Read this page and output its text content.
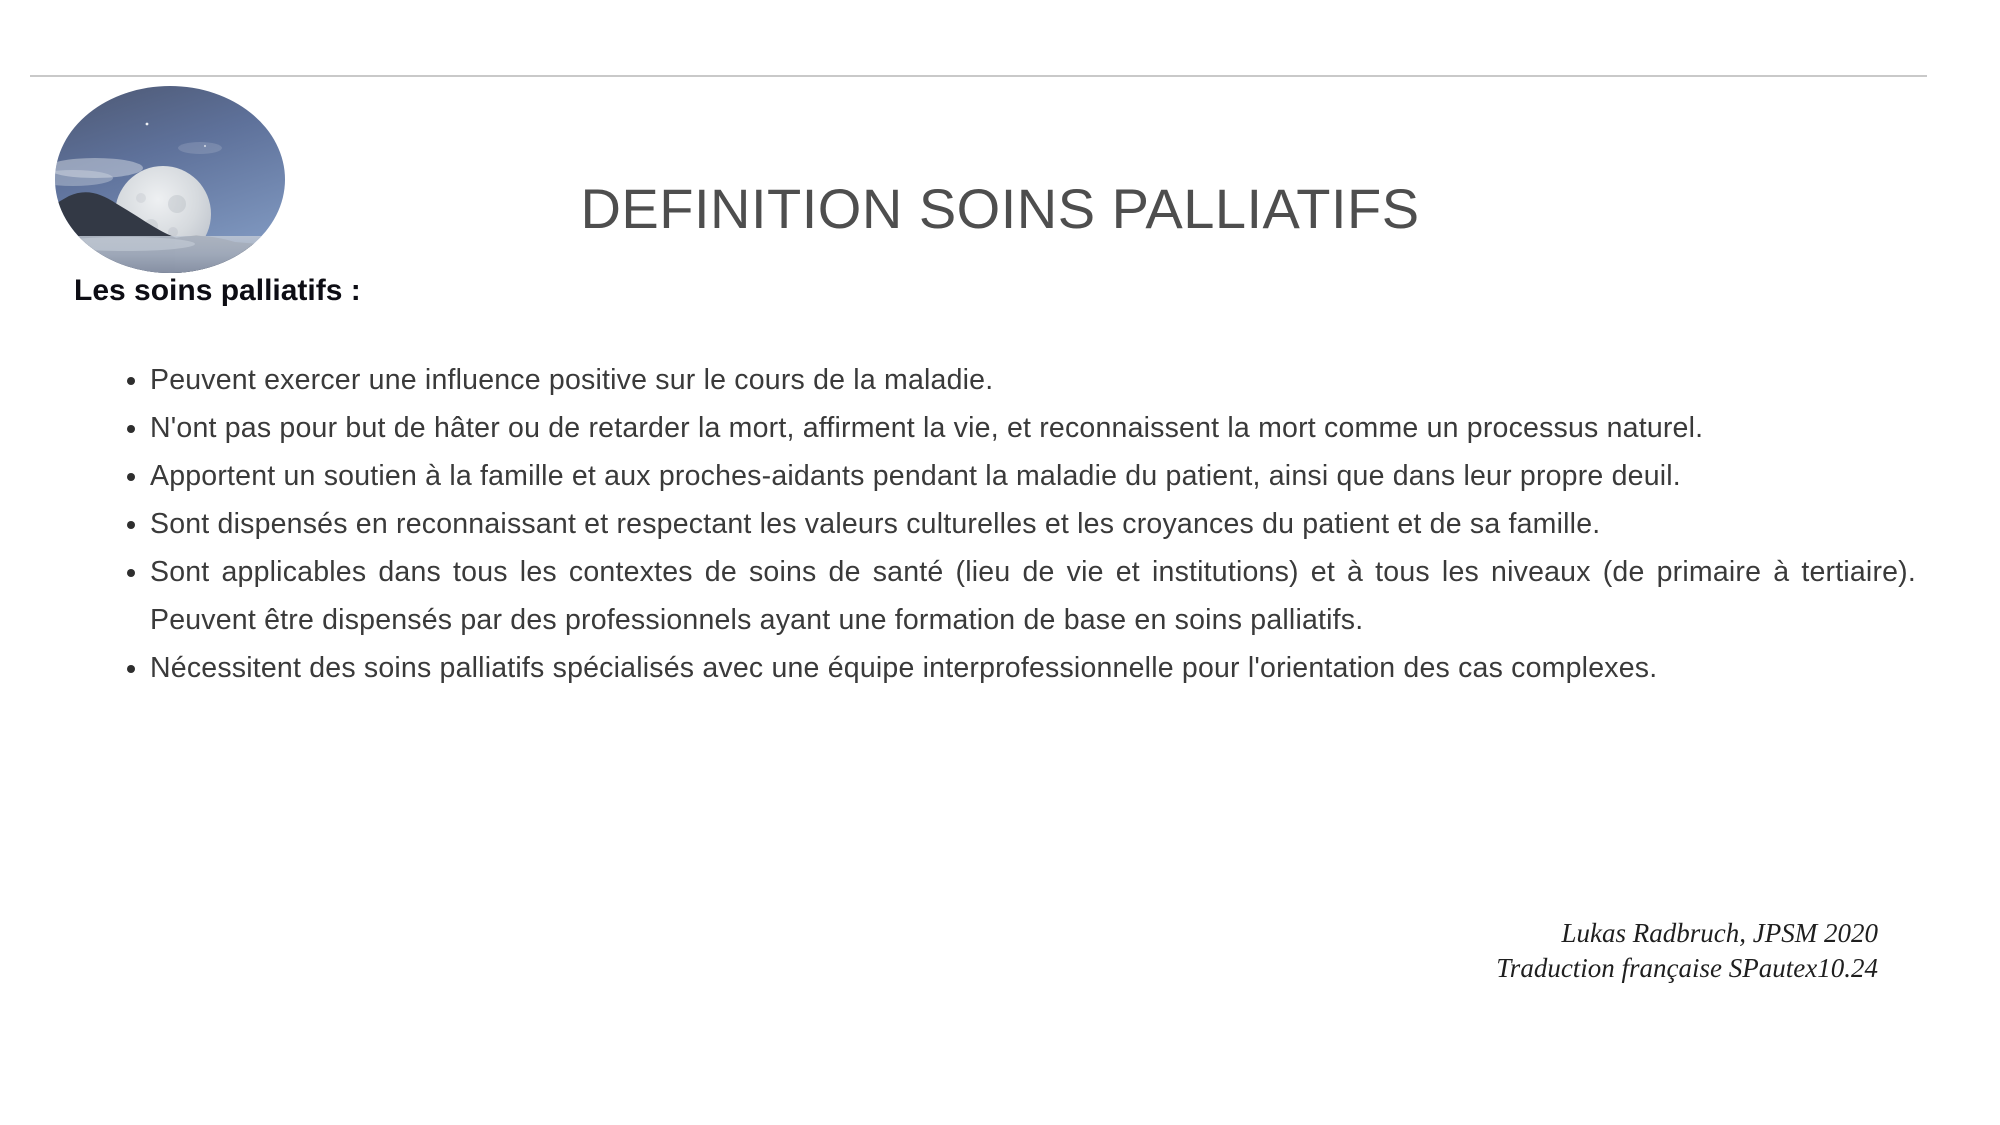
DEFINITION SOINS PALLIATIFS
Les soins palliatifs :
• Peuvent exercer une influence positive sur le cours de la maladie.
• N'ont pas pour but de hâter ou de retarder la mort, affirment la vie, et reconnaissent la mort comme un processus naturel.
• Apportent un soutien à la famille et aux proches-aidants pendant la maladie du patient, ainsi que dans leur propre deuil.
• Sont dispensés en reconnaissant et respectant les valeurs culturelles et les croyances du patient et de sa famille.
• Sont applicables dans tous les contextes de soins de santé (lieu de vie et institutions) et à tous les niveaux (de primaire à tertiaire). Peuvent être dispensés par des professionnels ayant une formation de base en soins palliatifs.
• Nécessitent des soins palliatifs spécialisés avec une équipe interprofessionnelle pour l'orientation des cas complexes.
Lukas Radbruch, JPSM 2020
Traduction française SPautex10.24
